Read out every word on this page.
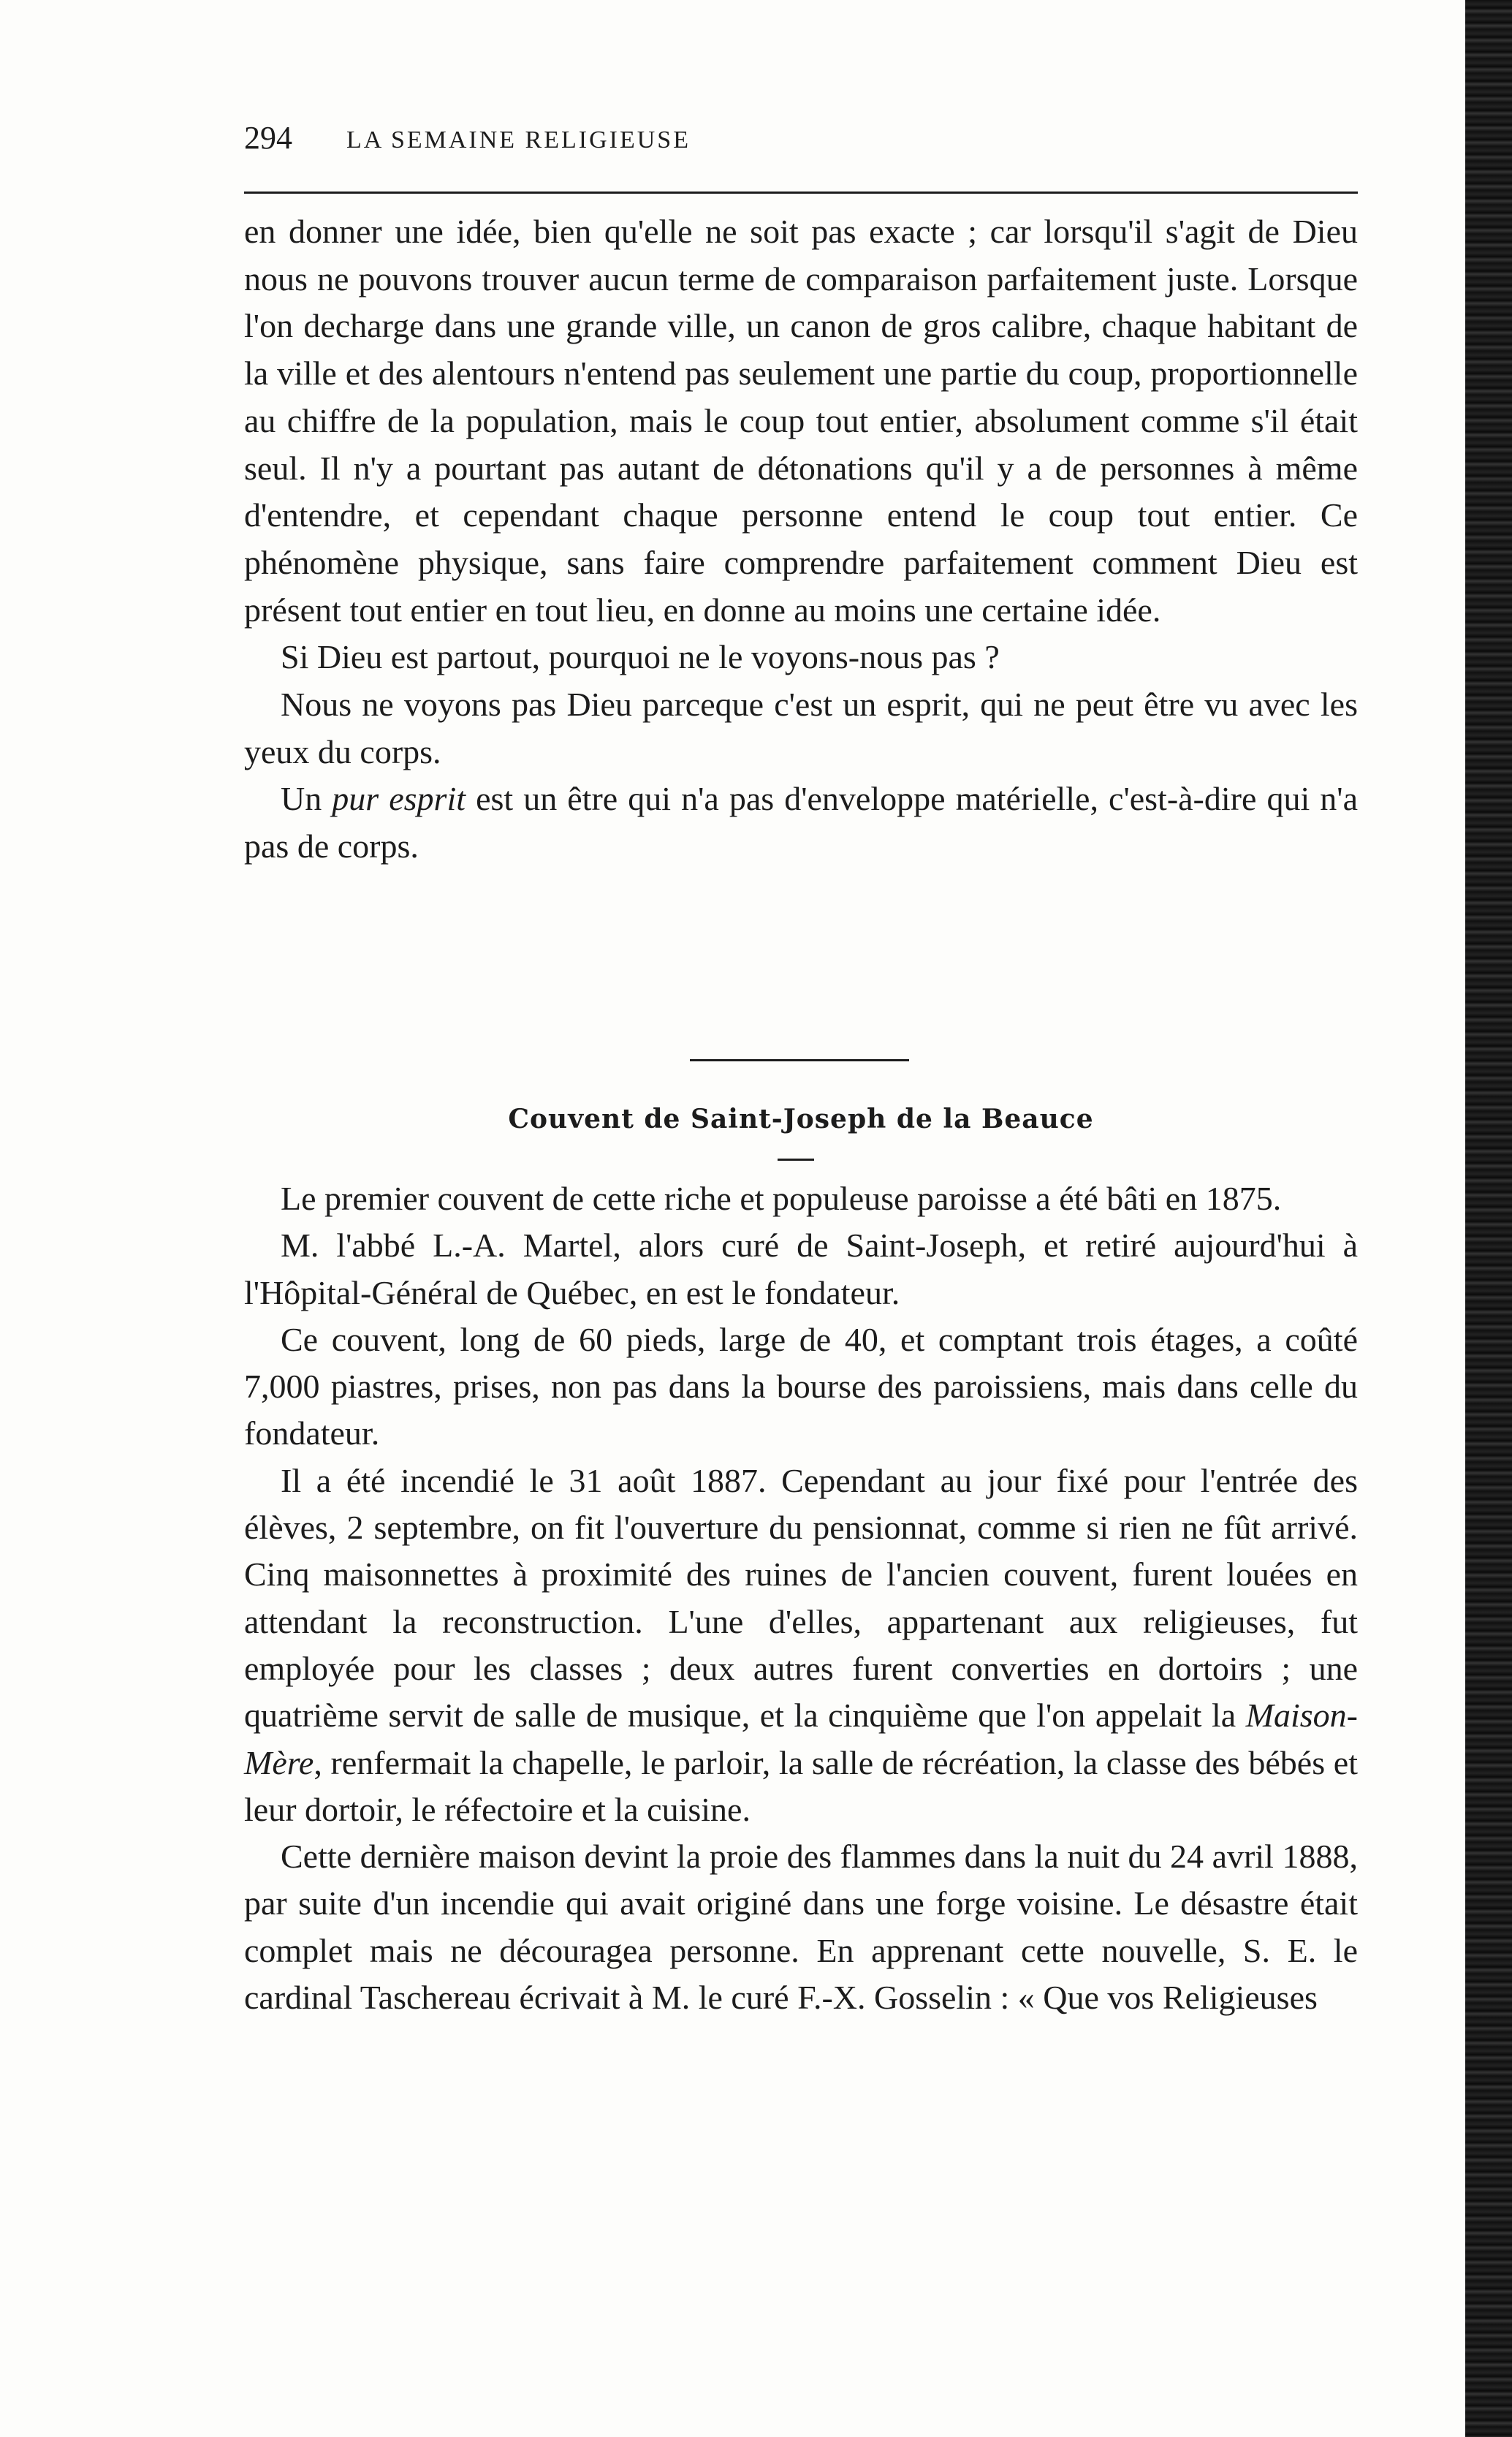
294 LA SEMAINE RELIGIEUSE

en donner une idée, bien qu'elle ne soit pas exacte ; car lorsqu'il s'agit de Dieu nous ne pouvons trouver aucun terme de comparaison parfaitement juste. Lorsque l'on decharge dans une grande ville, un canon de gros calibre, chaque habitant de la ville et des alentours n'entend pas seulement une partie du coup, proportionnelle au chiffre de la population, mais le coup tout entier, absolument comme s'il était seul. Il n'y a pourtant pas autant de détonations qu'il y a de personnes à même d'entendre, et cependant chaque personne entend le coup tout entier. Ce phénomène physique, sans faire comprendre parfaitement comment Dieu est présent tout entier en tout lieu, en donne au moins une certaine idée.

Si Dieu est partout, pourquoi ne le voyons-nous pas ?

Nous ne voyons pas Dieu parceque c'est un esprit, qui ne peut être vu avec les yeux du corps.

Un pur esprit est un être qui n'a pas d'enveloppe matérielle, c'est-à-dire qui n'a pas de corps.

Couvent de Saint-Joseph de la Beauce

Le premier couvent de cette riche et populeuse paroisse a été bâti en 1875.

M. l'abbé L.-A. Martel, alors curé de Saint-Joseph, et retiré aujourd'hui à l'Hôpital-Général de Québec, en est le fondateur.

Ce couvent, long de 60 pieds, large de 40, et comptant trois étages, a coûté 7,000 piastres, prises, non pas dans la bourse des paroissiens, mais dans celle du fondateur.

Il a été incendié le 31 août 1887. Cependant au jour fixé pour l'entrée des élèves, 2 septembre, on fit l'ouverture du pensionnat, comme si rien ne fût arrivé. Cinq maisonnettes à proximité des ruines de l'ancien couvent, furent louées en attendant la reconstruction. L'une d'elles, appartenant aux religieuses, fut employée pour les classes ; deux autres furent converties en dortoirs ; une quatrième servit de salle de musique, et la cinquième que l'on appelait la Maison-Mère, renfermait la chapelle, le parloir, la salle de récréation, la classe des bébés et leur dortoir, le réfectoire et la cuisine.

Cette dernière maison devint la proie des flammes dans la nuit du 24 avril 1888, par suite d'un incendie qui avait originé dans une forge voisine. Le désastre était complet mais ne découragea personne. En apprenant cette nouvelle, S. E. le cardinal Taschereau écrivait à M. le curé F.-X. Gosselin : « Que vos Religieuses
